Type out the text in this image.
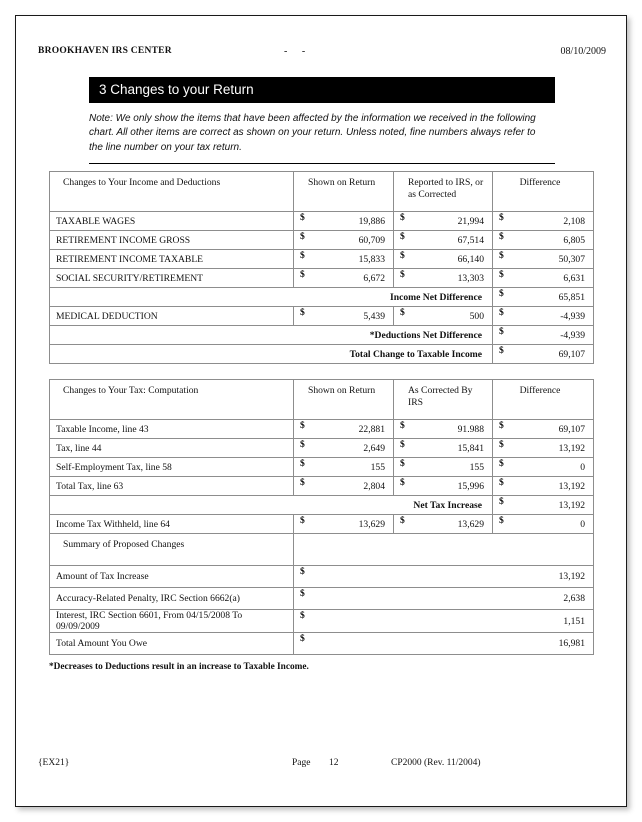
BROOKHAVEN IRS CENTER	- -	08/10/2009
3 Changes to your Return
Note: We only show the items that have been affected by the information we received in the following chart. All other items are correct as shown on your return. Unless noted, fine numbers always refer to the line number on your tax return.
Changes to Your Income and Deductions	Shown on Return	Reported to IRS, or as Corrected	Difference
TAXABLE WAGES	$ 19,886	$ 21,994	$ 2,108
RETIREMENT INCOME GROSS	$ 60,709	$ 67,514	$ 6,805
RETIREMENT INCOME TAXABLE	$ 15,833	$ 66,140	$ 50,307
SOCIAL SECURITY/RETIREMENT	$ 6,672	$ 13,303	$ 6,631
Income Net Difference			$ 65,851
MEDICAL DEDUCTION	$ 5,439	$ 500	$ -4,939
*Deductions Net Difference			$ -4,939
Total Change to Taxable Income			$ 69,107
Changes to Your Tax: Computation	Shown on Return	As Corrected By IRS	Difference
Taxable Income, line 43	$ 22,881	$ 91.988	$ 69,107
Tax, line 44	$ 2,649	$ 15,841	$ 13,192
Self-Employment Tax, line 58	$ 155	$ 155	$ 0
Total Tax, line 63	$ 2,804	$ 15,996	$ 13,192
Net Tax Increase			$ 13,192
Income Tax Withheld, line 64	$ 13,629	$ 13,629	$ 0
Summary of Proposed Changes	
Amount of Tax Increase	$ 13,192
Accuracy-Related Penalty, IRC Section 6662(a)	$ 2,638
Interest, IRC Section 6601, From 04/15/2008 To 09/09/2009	$ 1,151
Total Amount You Owe	$ 16,981
*Decreases to Deductions result in an increase to Taxable Income.
{EX21}	Page 12	CP2000 (Rev. 11/2004)
